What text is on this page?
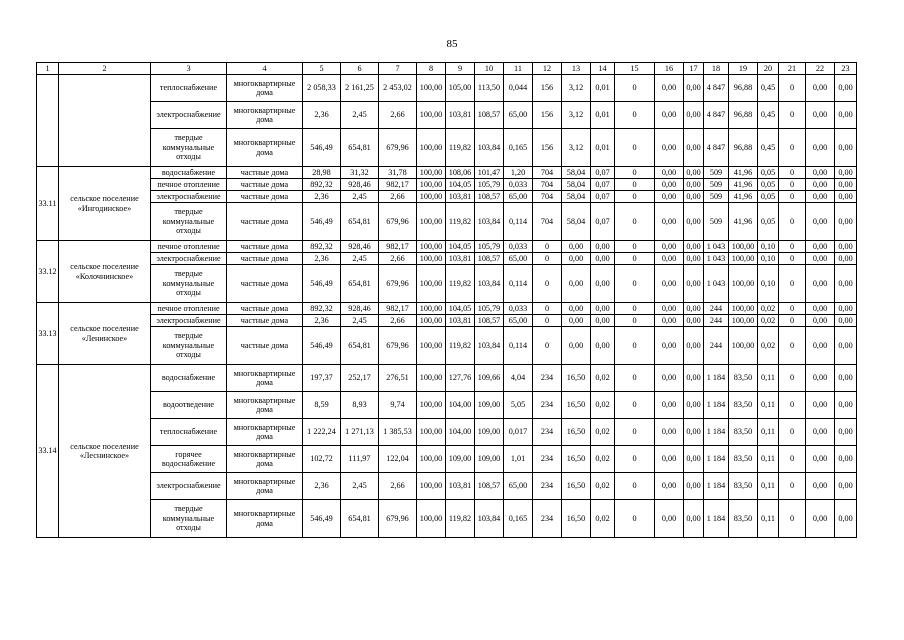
85
1	2	3	4	5	6	7	8	9	10	11	12	13	14	15	16	17	18	19	20	21	22	23
		теплоснабжение	многоквартирные дома	2 058,33	2 161,25	2 453,02	100,00	105,00	113,50	0,044	156	3,12	0,01	0	0,00	0,00	4 847	96,88	0,45	0	0,00	0,00
		электроснабжение	многоквартирные дома	2,36	2,45	2,66	100,00	103,81	108,57	65,00	156	3,12	0,01	0	0,00	0,00	4 847	96,88	0,45	0	0,00	0,00
		твердые коммунальные отходы	многоквартирные дома	546,49	654,81	679,96	100,00	119,82	103,84	0,165	156	3,12	0,01	0	0,00	0,00	4 847	96,88	0,45	0	0,00	0,00
33.11	сельское поселение «Ингодинское»	водоснабжение	частные дома	28,98	31,32	31,78	100,00	108,06	101,47	1,20	704	58,04	0,07	0	0,00	0,00	509	41,96	0,05	0	0,00	0,00
		печное отопление	частные дома	892,32	928,46	982,17	100,00	104,05	105,79	0,033	704	58,04	0,07	0	0,00	0,00	509	41,96	0,05	0	0,00	0,00
		электроснабжение	частные дома	2,36	2,45	2,66	100,00	103,81	108,57	65,00	704	58,04	0,07	0	0,00	0,00	509	41,96	0,05	0	0,00	0,00
		твердые коммунальные отходы	частные дома	546,49	654,81	679,96	100,00	119,82	103,84	0,114	704	58,04	0,07	0	0,00	0,00	509	41,96	0,05	0	0,00	0,00
33.12	сельское поселение «Колочнинское»	печное отопление	частные дома	892,32	928,46	982,17	100,00	104,05	105,79	0,033	0	0,00	0,00	0	0,00	0,00	1 043	100,00	0,10	0	0,00	0,00
		электроснабжение	частные дома	2,36	2,45	2,66	100,00	103,81	108,57	65,00	0	0,00	0,00	0	0,00	0,00	1 043	100,00	0,10	0	0,00	0,00
		твердые коммунальные отходы	частные дома	546,49	654,81	679,96	100,00	119,82	103,84	0,114	0	0,00	0,00	0	0,00	0,00	1 043	100,00	0,10	0	0,00	0,00
33.13	сельское поселение «Ленинское»	печное отопление	частные дома	892,32	928,46	982,17	100,00	104,05	105,79	0,033	0	0,00	0,00	0	0,00	0,00	244	100,00	0,02	0	0,00	0,00
		электроснабжение	частные дома	2,36	2,45	2,66	100,00	103,81	108,57	65,00	0	0,00	0,00	0	0,00	0,00	244	100,00	0,02	0	0,00	0,00
		твердые коммунальные отходы	частные дома	546,49	654,81	679,96	100,00	119,82	103,84	0,114	0	0,00	0,00	0	0,00	0,00	244	100,00	0,02	0	0,00	0,00
33.14	сельское поселение «Леснинское»	водоснабжение	многоквартирные дома	197,37	252,17	276,51	100,00	127,76	109,66	4,04	234	16,50	0,02	0	0,00	0,00	1 184	83,50	0,11	0	0,00	0,00
		водоотведение	многоквартирные дома	8,59	8,93	9,74	100,00	104,00	109,00	5,05	234	16,50	0,02	0	0,00	0,00	1 184	83,50	0,11	0	0,00	0,00
		теплоснабжение	многоквартирные дома	1 222,24	1 271,13	1 385,53	100,00	104,00	109,00	0,017	234	16,50	0,02	0	0,00	0,00	1 184	83,50	0,11	0	0,00	0,00
		горячее водоснабжение	многоквартирные дома	102,72	111,97	122,04	100,00	109,00	109,00	1,01	234	16,50	0,02	0	0,00	0,00	1 184	83,50	0,11	0	0,00	0,00
		электроснабжение	многоквартирные дома	2,36	2,45	2,66	100,00	103,81	108,57	65,00	234	16,50	0,02	0	0,00	0,00	1 184	83,50	0,11	0	0,00	0,00
		твердые коммунальные отходы	многоквартирные дома	546,49	654,81	679,96	100,00	119,82	103,84	0,165	234	16,50	0,02	0	0,00	0,00	1 184	83,50	0,11	0	0,00	0,00
